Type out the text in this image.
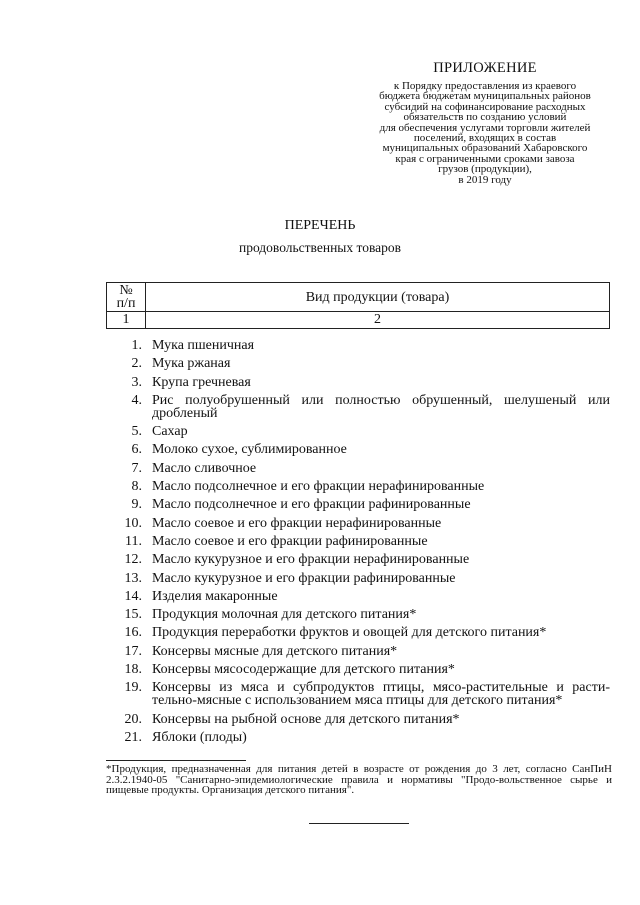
ПРИЛОЖЕНИЕ
к Порядку предоставления из краевого
бюджета бюджетам муниципальных районов
субсидий на софинансирование расходных
обязательств по созданию условий
для обеспечения услугами торговли жителей
поселений, входящих в состав
муниципальных образований Хабаровского
края с ограниченными сроками завоза
грузов (продукции),
в 2019 году
ПЕРЕЧЕНЬ
продовольственных товаров
№
п/п	Вид продукции (товара)
1	2
1. Мука пшеничная
2. Мука ржаная
3. Крупа гречневая
4. Рис полуобрушенный или полностью обрушенный, шелушеный или дробленый
5. Сахар
6. Молоко сухое, сублимированное
7. Масло сливочное
8. Масло подсолнечное и его фракции нерафинированные
9. Масло подсолнечное и его фракции рафинированные
10. Масло соевое и его фракции нерафинированные
11. Масло соевое и его фракции рафинированные
12. Масло кукурузное и его фракции нерафинированные
13. Масло кукурузное и его фракции рафинированные
14. Изделия макаронные
15. Продукция молочная для детского питания*
16. Продукция переработки фруктов и овощей для детского питания*
17. Консервы мясные для детского питания*
18. Консервы мясосодержащие для детского питания*
19. Консервы из мяса и субпродуктов птицы, мясо-растительные и расти-тельно-мясные с использованием мяса птицы для детского питания*
20. Консервы на рыбной основе для детского питания*
21. Яблоки (плоды)
*Продукция, предназначенная для питания детей в возрасте от рождения до 3 лет, согласно СанПиН 2.3.2.1940-05 "Санитарно-эпидемиологические правила и нормативы "Продо-вольственное сырье и пищевые продукты. Организация детского питания".
